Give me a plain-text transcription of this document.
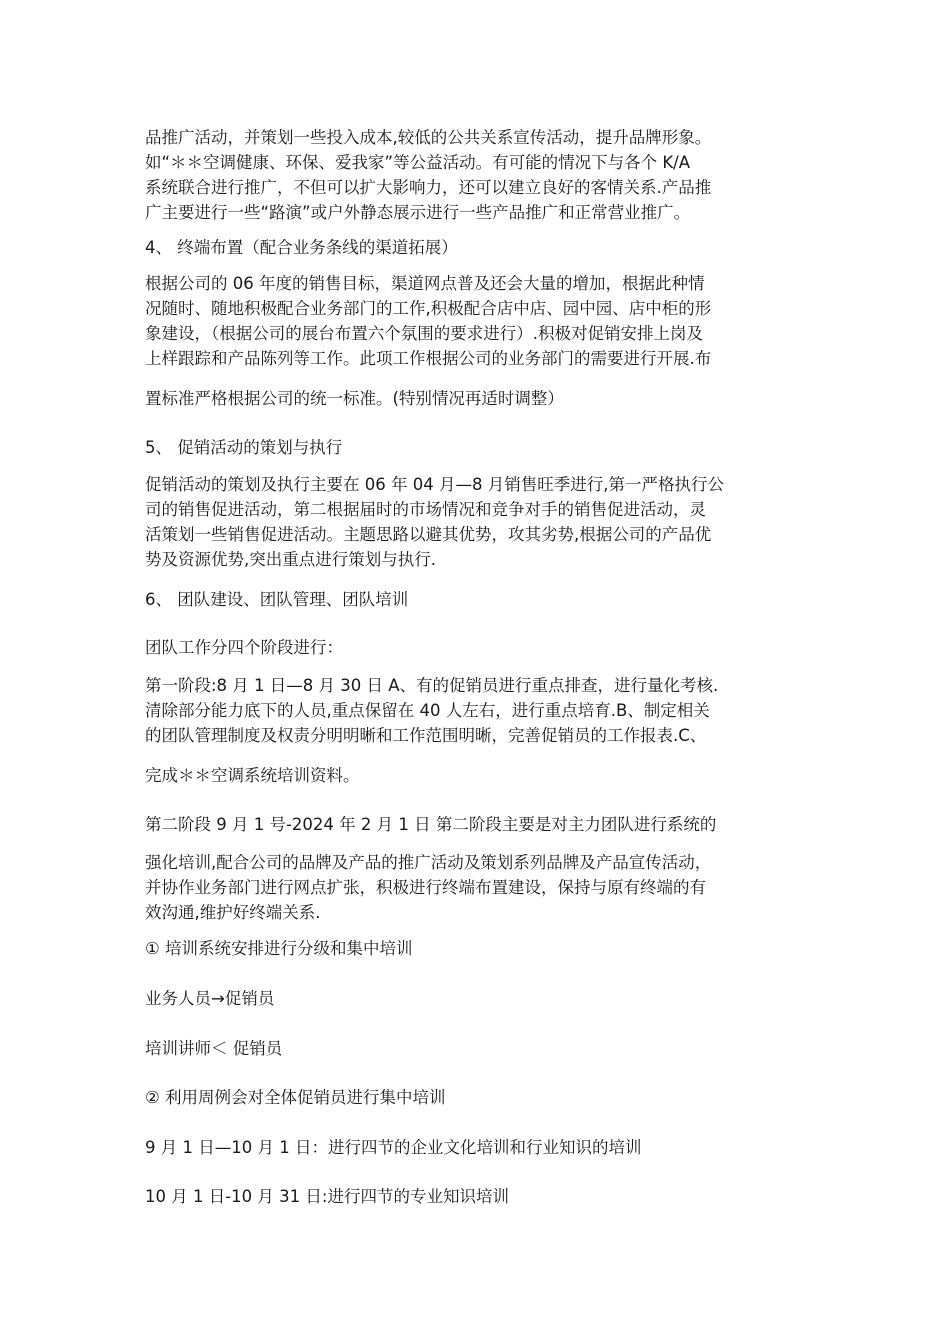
品推广活动，并策划一些投入成本,较低的公共关系宣传活动，提升品牌形象。
如“＊＊空调健康、环保、爱我家”等公益活动。有可能的情况下与各个 K/A
系统联合进行推广，不但可以扩大影响力，还可以建立良好的客情关系.产品推
广主要进行一些“路演”或户外静态展示进行一些产品推广和正常营业推广。
4、 终端布置（配合业务条线的渠道拓展）
根据公司的 06 年度的销售目标，渠道网点普及还会大量的增加，根据此种情
况随时、随地积极配合业务部门的工作,积极配合店中店、园中园、店中柜的形
象建设，（根据公司的展台布置六个氛围的要求进行）.积极对促销安排上岗及
上样跟踪和产品陈列等工作。此项工作根据公司的业务部门的需要进行开展.布
置标准严格根据公司的统一标准。(特别情况再适时调整）
5、 促销活动的策划与执行
促销活动的策划及执行主要在 06 年 04 月—8 月销售旺季进行,第一严格执行公
司的销售促进活动，第二根据届时的市场情况和竞争对手的销售促进活动，灵
活策划一些销售促进活动。主题思路以避其优势，攻其劣势,根据公司的产品优
势及资源优势,突出重点进行策划与执行.
6、 团队建设、团队管理、团队培训
团队工作分四个阶段进行：
第一阶段:8 月 1 日—8 月 30 日 A、有的促销员进行重点排查，进行量化考核.
清除部分能力底下的人员,重点保留在 40 人左右，进行重点培育.B、制定相关
的团队管理制度及权责分明明晰和工作范围明晰，完善促销员的工作报表.C、
完成＊＊空调系统培训资料。
第二阶段 9 月 1 号-2024 年 2 月 1 日 第二阶段主要是对主力团队进行系统的
强化培训,配合公司的品牌及产品的推广活动及策划系列品牌及产品宣传活动，
并协作业务部门进行网点扩张，积极进行终端布置建设，保持与原有终端的有
效沟通,维护好终端关系.
① 培训系统安排进行分级和集中培训
业务人员→促销员
培训讲师＜ 促销员
② 利用周例会对全体促销员进行集中培训
9 月 1 日—10 月 1 日：进行四节的企业文化培训和行业知识的培训
10 月 1 日-10 月 31 日:进行四节的专业知识培训
